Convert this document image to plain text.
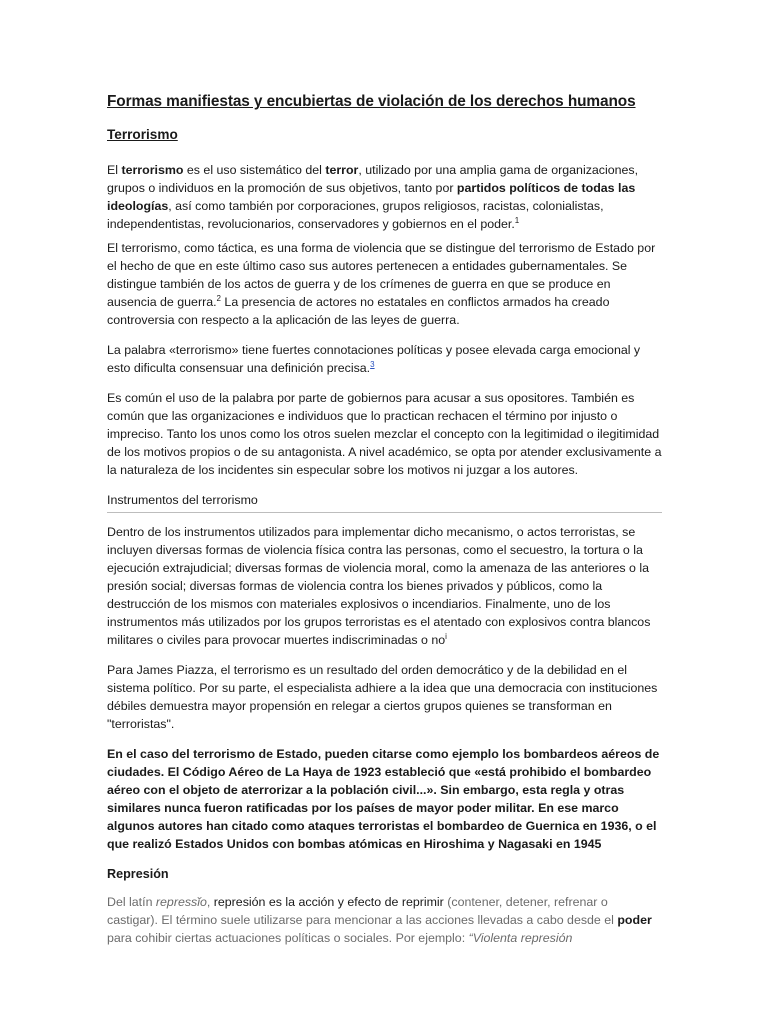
Formas manifiestas y encubiertas de violación de los derechos humanos
Terrorismo

El terrorismo es el uso sistemático del terror, utilizado por una amplia gama de organizaciones, grupos o individuos en la promoción de sus objetivos, tanto por partidos políticos de todas las ideologías, así como también por corporaciones, grupos religiosos, racistas, colonialistas, independentistas, revolucionarios, conservadores y gobiernos en el poder.$^1$

El terrorismo, como táctica, es una forma de violencia que se distingue del terrorismo de Estado por el hecho de que en este último caso sus autores pertenecen a entidades gubernamentales. Se distingue también de los actos de guerra y de los crímenes de guerra en que se produce en ausencia de guerra.$^2$ La presencia de actores no estatales en conflictos armados ha creado controversia con respecto a la aplicación de las leyes de guerra.

La palabra «terrorismo» tiene fuertes connotaciones políticas y posee elevada carga emocional y esto dificulta consensuar una definición precisa.$^3$

Es común el uso de la palabra por parte de gobiernos para acusar a sus opositores. También es común que las organizaciones e individuos que lo practican rechacen el término por injusto o impreciso. Tanto los unos como los otros suelen mezclar el concepto con la legitimidad o ilegitimidad de los motivos propios o de su antagonista. A nivel académico, se opta por atender exclusivamente a la naturaleza de los incidentes sin especular sobre los motivos ni juzgar a los autores.

Instrumentos del terrorismo

Dentro de los instrumentos utilizados para implementar dicho mecanismo, o actos terroristas, se incluyen diversas formas de violencia física contra las personas, como el secuestro, la tortura o la ejecución extrajudicial; diversas formas de violencia moral, como la amenaza de las anteriores o la presión social; diversas formas de violencia contra los bienes privados y públicos, como la destrucción de los mismos con materiales explosivos o incendiarios. Finalmente, uno de los instrumentos más utilizados por los grupos terroristas es el atentado con explosivos contra blancos militares o civiles para provocar muertes indiscriminadas o $no^i$

Para James Piazza, el terrorismo es un resultado del orden democrático y de la debilidad en el sistema político. Por su parte, el especialista adhiere a la idea que una democracia con instituciones débiles demuestra mayor propensión en relegar a ciertos grupos quienes se transforman en "terroristas".

En el caso del terrorismo de Estado, pueden citarse como ejemplo los bombardeos aéreos de ciudades. El Código Aéreo de La Haya de 1923 estableció que «está prohibido el bombardeo aéreo con el objeto de aterrorizar a la población civil...». Sin embargo, esta regla y otras similares nunca fueron ratificadas por los países de mayor poder militar. En ese marco algunos autores han citado como ataques terroristas el bombardeo de Guernica en 1936, o el que realizó Estados Unidos con bombas atómicas en Hiroshima y Nagasaki en 1945

Represión

Del latín repressĭo, represión es la acción y efecto de reprimir (contener, detener, refrenar o castigar). El término suele utilizarse para mencionar a las acciones llevadas a cabo desde el poder para cohibir ciertas actuaciones políticas o sociales. Por ejemplo: “Violenta represión
